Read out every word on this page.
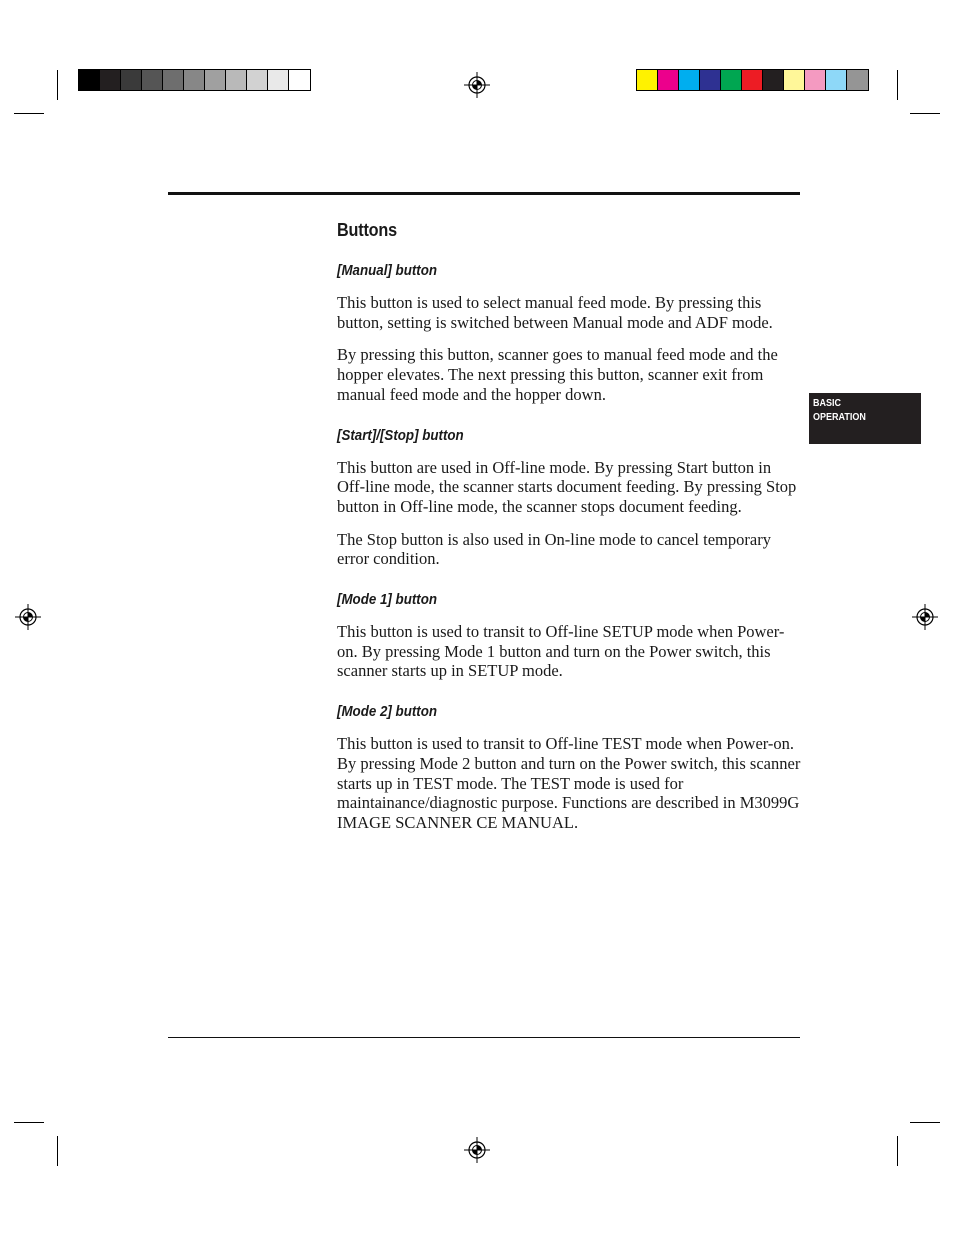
Buttons
[Manual] button

This button is used to select manual feed mode. By pressing this button, setting is switched between Manual mode and ADF mode.

By pressing this button, scanner goes to manual feed mode and the hopper elevates. The next pressing this button, scanner exit from manual feed mode and the hopper down.

[Start]/[Stop] button

This button are used in Off-line mode. By pressing Start button in Off-line mode, the scanner starts document feeding. By pressing Stop button in Off-line mode, the scanner stops document feeding.

The Stop button is also used in On-line mode to cancel temporary error condition.

[Mode 1] button

This button is used to transit to Off-line SETUP mode when Power-on. By pressing Mode 1 button and turn on the Power switch, this scanner starts up in SETUP mode.

[Mode 2] button

This button is used to transit to Off-line TEST mode when Power-on. By pressing Mode 2 button and turn on the Power switch, this scanner starts up in TEST mode. The TEST mode is used for maintainance/diagnostic purpose. Functions are described in M3099G IMAGE SCANNER CE MANUAL.

BASIC
OPERATION
